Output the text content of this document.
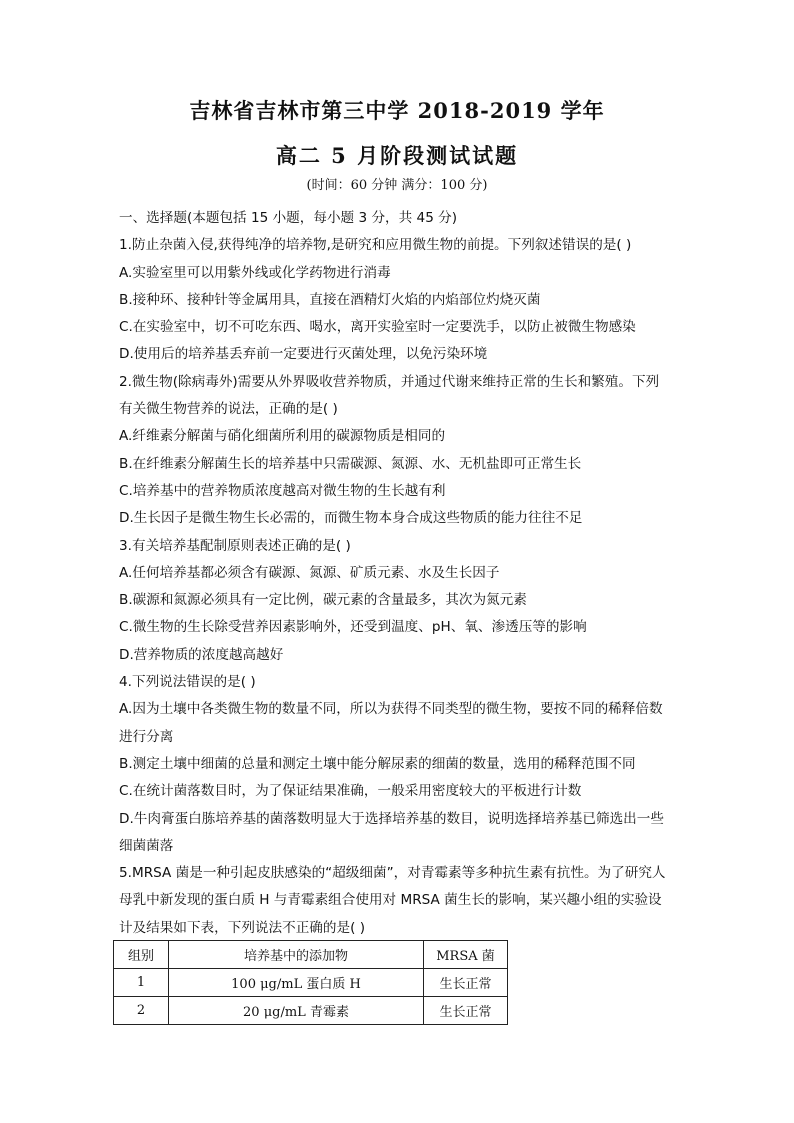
吉林省吉林市第三中学 2018-2019 学年
高二 5 月阶段测试试题
(时间：60 分钟 满分：100 分)
一、选择题(本题包括 15 小题，每小题 3 分，共 45 分)
1.防止杂菌入侵,获得纯净的培养物,是研究和应用微生物的前提。下列叙述错误的是( )
A.实验室里可以用紫外线或化学药物进行消毒
B.接种环、接种针等金属用具，直接在酒精灯火焰的内焰部位灼烧灭菌
C.在实验室中，切不可吃东西、喝水，离开实验室时一定要洗手，以防止被微生物感染
D.使用后的培养基丢弃前一定要进行灭菌处理，以免污染环境
2.微生物(除病毒外)需要从外界吸收营养物质，并通过代谢来维持正常的生长和繁殖。下列
有关微生物营养的说法，正确的是( )
A.纤维素分解菌与硝化细菌所利用的碳源物质是相同的
B.在纤维素分解菌生长的培养基中只需碳源、氮源、水、无机盐即可正常生长
C.培养基中的营养物质浓度越高对微生物的生长越有利
D.生长因子是微生物生长必需的，而微生物本身合成这些物质的能力往往不足
3.有关培养基配制原则表述正确的是( )
A.任何培养基都必须含有碳源、氮源、矿质元素、水及生长因子
B.碳源和氮源必须具有一定比例，碳元素的含量最多，其次为氮元素
C.微生物的生长除受营养因素影响外，还受到温度、pH、氧、渗透压等的影响
D.营养物质的浓度越高越好
4.下列说法错误的是( )
A.因为土壤中各类微生物的数量不同，所以为获得不同类型的微生物，要按不同的稀释倍数
进行分离
B.测定土壤中细菌的总量和测定土壤中能分解尿素的细菌的数量，选用的稀释范围不同
C.在统计菌落数目时，为了保证结果准确，一般采用密度较大的平板进行计数
D.牛肉膏蛋白胨培养基的菌落数明显大于选择培养基的数目，说明选择培养基已筛选出一些
细菌菌落
5.MRSA 菌是一种引起皮肤感染的“超级细菌”，对青霉素等多种抗生素有抗性。为了研究人
母乳中新发现的蛋白质 H 与青霉素组合使用对 MRSA 菌生长的影响，某兴趣小组的实验设
计及结果如下表，下列说法不正确的是( )
组别	培养基中的添加物	MRSA 菌
1	100 μg/mL 蛋白质 H	生长正常
2	20 μg/mL 青霉素	生长正常
